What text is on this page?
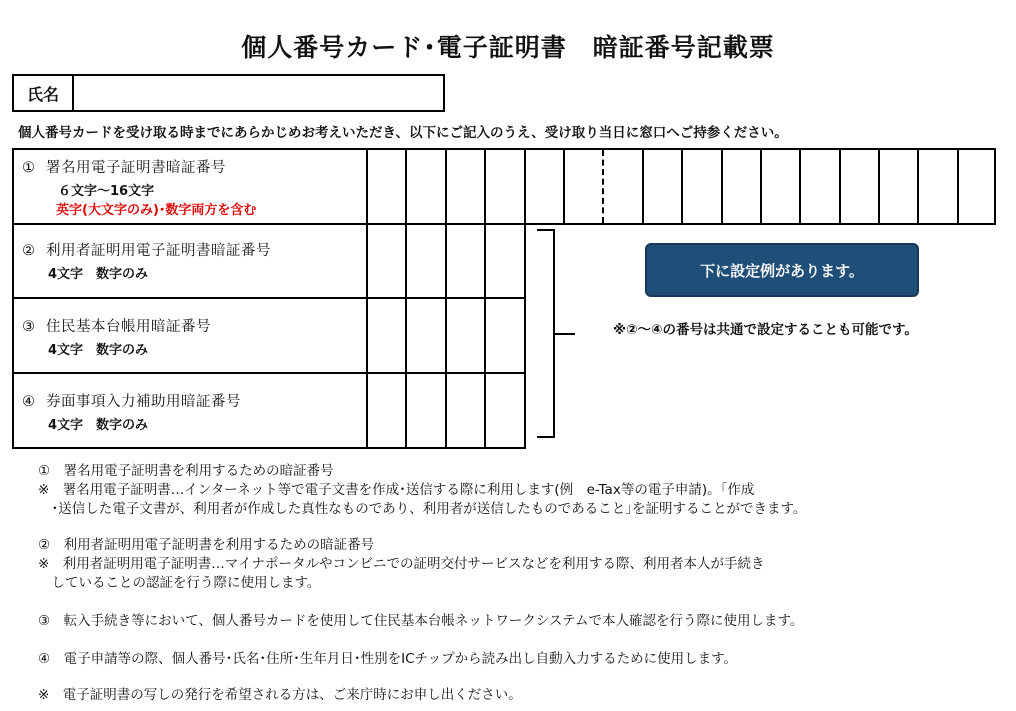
個人番号カード･電子証明書　暗証番号記載票
氏名
個人番号カードを受け取る時までにあらかじめお考えいただき、以下にご記入のうえ、受け取り当日に窓口へご持参ください。
① 署名用電子証明書暗証番号
６文字～16文字
英字(大文字のみ)･数字両方を含む
② 利用者証明用電子証明書暗証番号
4文字　数字のみ
③ 住民基本台帳用暗証番号
4文字　数字のみ
④ 券面事項入力補助用暗証番号
4文字　数字のみ
下に設定例があります。
※②～④の番号は共通で設定することも可能です。
①　署名用電子証明書を利用するための暗証番号
※　署名用電子証明書…インターネット等で電子文書を作成･送信する際に利用します(例　e-Tax等の電子申請)。｢作成
　･送信した電子文書が、利用者が作成した真性なものであり、利用者が送信したものであること｣を証明することができます。
②　利用者証明用電子証明書を利用するための暗証番号
※　利用者証明用電子証明書…マイナポータルやコンビニでの証明交付サービスなどを利用する際、利用者本人が手続き
　していることの認証を行う際に使用します。
③　転入手続き等において、個人番号カードを使用して住民基本台帳ネットワークシステムで本人確認を行う際に使用します。
④　電子申請等の際、個人番号･氏名･住所･生年月日･性別をICチップから読み出し自動入力するために使用します。
※　電子証明書の写しの発行を希望される方は、ご来庁時にお申し出ください。
